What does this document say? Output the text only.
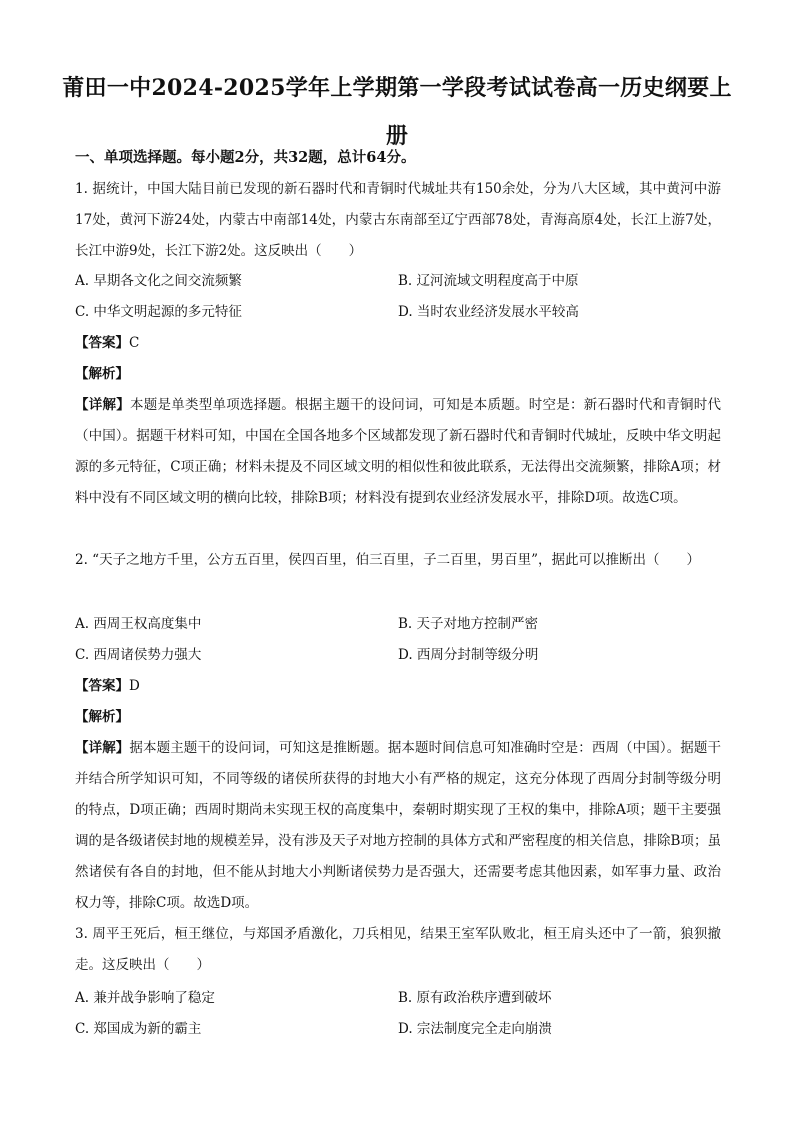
莆田一中2024-2025学年上学期第一学段考试试卷高一历史纲要上册
一、单项选择题。每小题2分，共32题，总计64分。
1. 据统计，中国大陆目前已发现的新石器时代和青铜时代城址共有150余处，分为八大区域，其中黄河中游17处，黄河下游24处，内蒙古中南部14处，内蒙古东南部至辽宁西部78处，青海高原4处，长江上游7处，长江中游9处，长江下游2处。这反映出（　　）
A. 早期各文化之间交流频繁	B. 辽河流域文明程度高于中原
C. 中华文明起源的多元特征	D. 当时农业经济发展水平较高
【答案】C
【解析】
【详解】本题是单类型单项选择题。根据主题干的设问词，可知是本质题。时空是：新石器时代和青铜时代（中国）。据题干材料可知，中国在全国各地多个区域都发现了新石器时代和青铜时代城址，反映中华文明起源的多元特征，C项正确；材料未提及不同区域文明的相似性和彼此联系，无法得出交流频繁，排除A项；材料中没有不同区域文明的横向比较，排除B项；材料没有提到农业经济发展水平，排除D项。故选C项。
2. “天子之地方千里，公方五百里，侯四百里，伯三百里，子二百里，男百里”，据此可以推断出（　　）
A. 西周王权高度集中	B. 天子对地方控制严密
C. 西周诸侯势力强大	D. 西周分封制等级分明
【答案】D
【解析】
【详解】据本题主题干的设问词，可知这是推断题。据本题时间信息可知准确时空是：西周（中国）。据题干并结合所学知识可知，不同等级的诸侯所获得的封地大小有严格的规定，这充分体现了西周分封制等级分明的特点，D项正确；西周时期尚未实现王权的高度集中，秦朝时期实现了王权的集中，排除A项；题干主要强调的是各级诸侯封地的规模差异，没有涉及天子对地方控制的具体方式和严密程度的相关信息，排除B项；虽然诸侯有各自的封地，但不能从封地大小判断诸侯势力是否强大，还需要考虑其他因素，如军事力量、政治权力等，排除C项。故选D项。
3. 周平王死后，桓王继位，与郑国矛盾激化，刀兵相见，结果王室军队败北，桓王肩头还中了一箭，狼狈撤走。这反映出（　　）
A. 兼并战争影响了稳定	B. 原有政治秩序遭到破坏
C. 郑国成为新的霸主	D. 宗法制度完全走向崩溃
